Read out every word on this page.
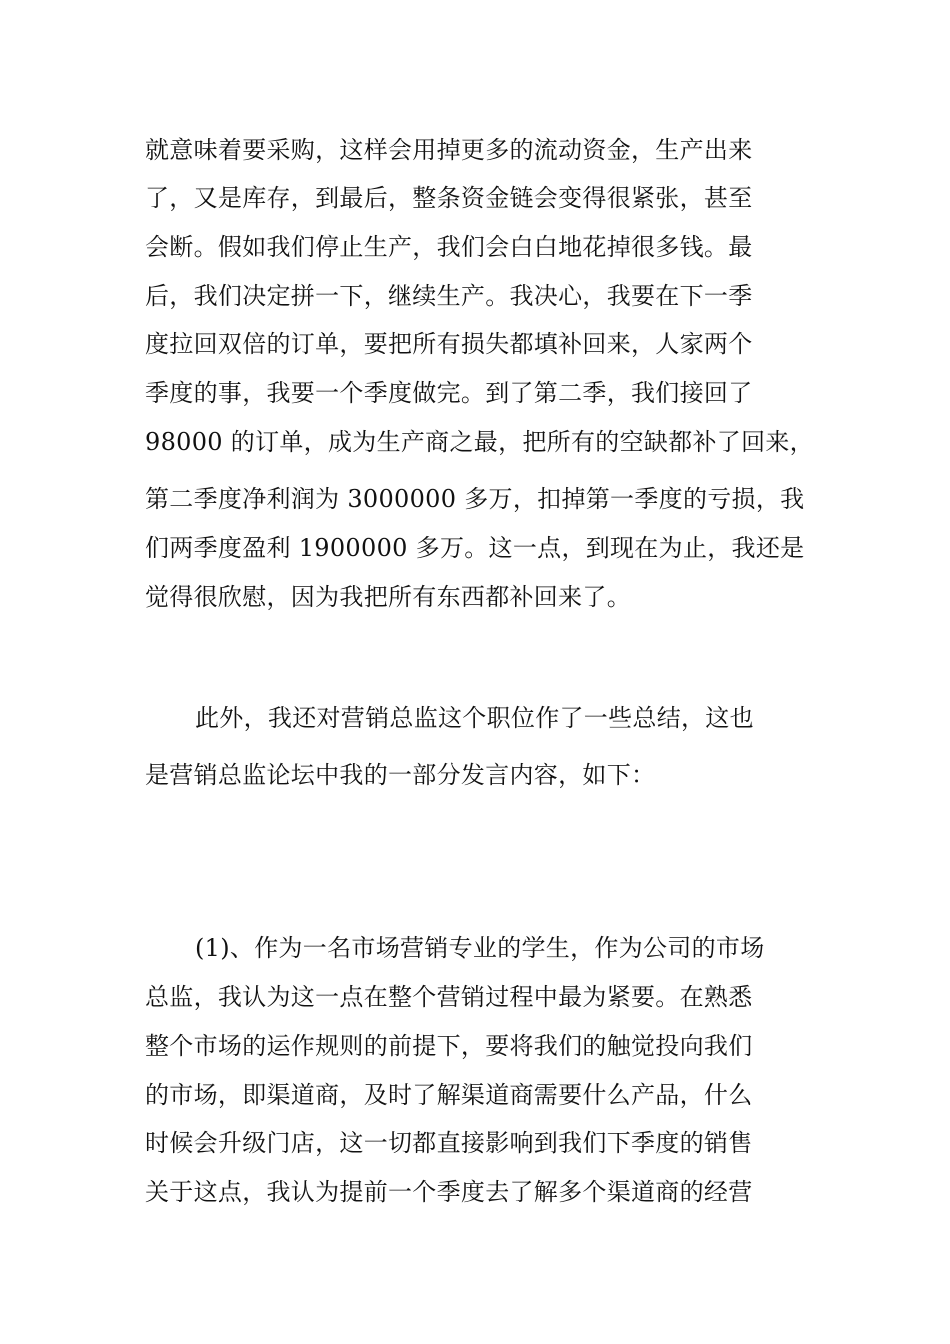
就意味着要采购，这样会用掉更多的流动资金，生产出来
了，又是库存，到最后，整条资金链会变得很紧张，甚至
会断。假如我们停止生产，我们会白白地花掉很多钱。最
后，我们决定拼一下，继续生产。我决心，我要在下一季
度拉回双倍的订单，要把所有损失都填补回来，人家两个
季度的事，我要一个季度做完。到了第二季，我们接回了
98000 的订单，成为生产商之最，把所有的空缺都补了回来，
第二季度净利润为 3000000 多万，扣掉第一季度的亏损，我
们两季度盈利 1900000 多万。这一点，到现在为止，我还是
觉得很欣慰，因为我把所有东西都补回来了。
此外，我还对营销总监这个职位作了一些总结，这也
是营销总监论坛中我的一部分发言内容，如下：
(1)、作为一名市场营销专业的学生，作为公司的市场
总监，我认为这一点在整个营销过程中最为紧要。在熟悉
整个市场的运作规则的前提下，要将我们的触觉投向我们
的市场，即渠道商，及时了解渠道商需要什么产品，什么
时候会升级门店，这一切都直接影响到我们下季度的销售
关于这点，我认为提前一个季度去了解多个渠道商的经营
